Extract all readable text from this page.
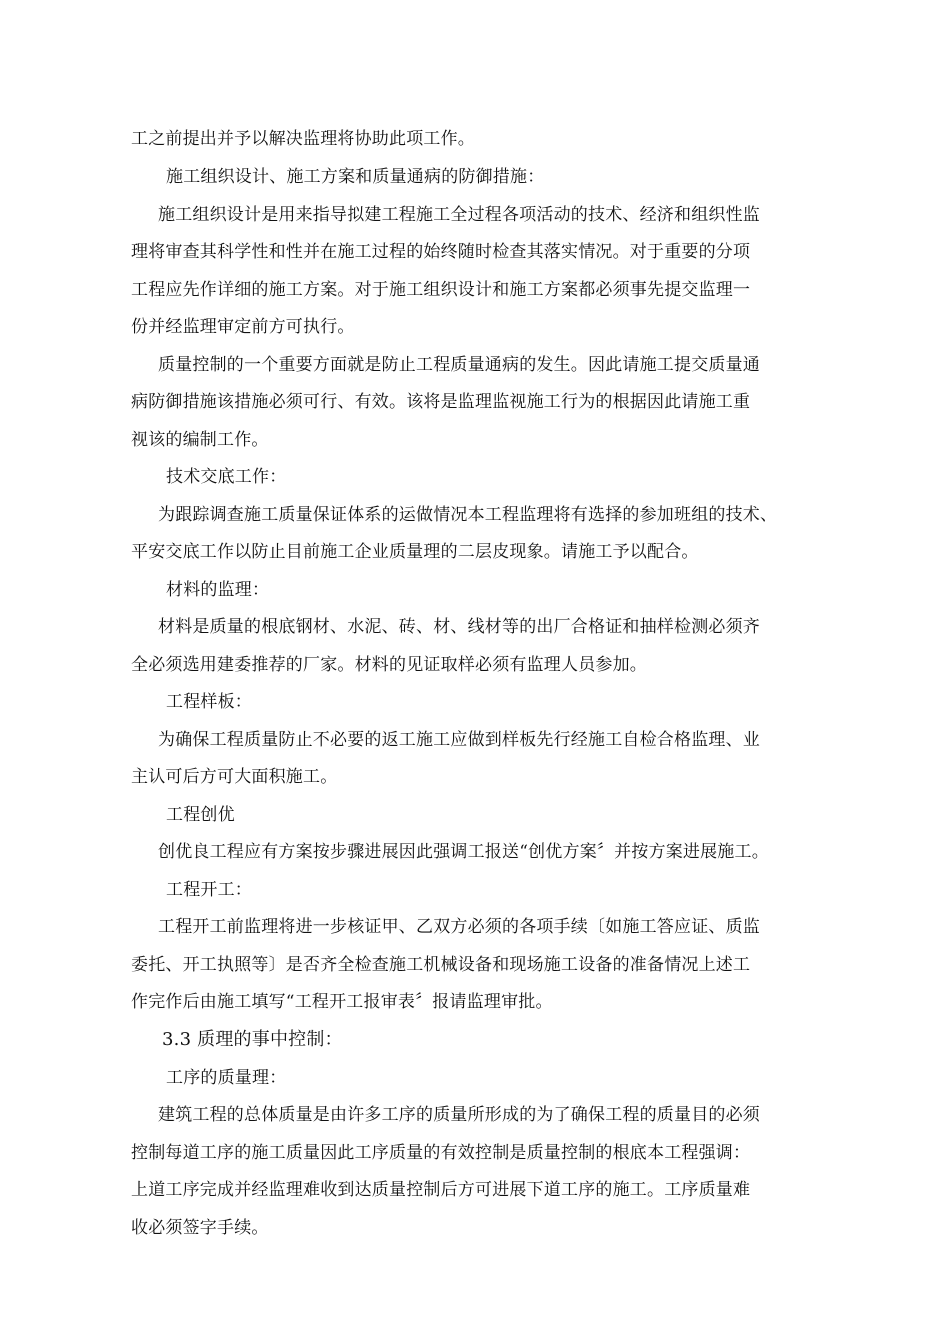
工之前提出并予以解决监理将协助此项工作。
施工组织设计、施工方案和质量通病的防御措施：
施工组织设计是用来指导拟建工程施工全过程各项活动的技术、经济和组织性监
理将审查其科学性和性并在施工过程的始终随时检查其落实情况。对于重要的分项
工程应先作详细的施工方案。对于施工组织设计和施工方案都必须事先提交监理一
份并经监理审定前方可执行。
质量控制的一个重要方面就是防止工程质量通病的发生。因此请施工提交质量通
病防御措施该措施必须可行、有效。该将是监理监视施工行为的根据因此请施工重
视该的编制工作。
技术交底工作：
为跟踪调查施工质量保证体系的运做情况本工程监理将有选择的参加班组的技术、
平安交底工作以防止目前施工企业质量理的二层皮现象。请施工予以配合。
材料的监理：
材料是质量的根底钢材、水泥、砖、材、线材等的出厂合格证和抽样检测必须齐
全必须选用建委推荐的厂家。材料的见证取样必须有监理人员参加。
工程样板：
为确保工程质量防止不必要的返工施工应做到样板先行经施工自检合格监理、业
主认可后方可大面积施工。
工程创优
创优良工程应有方案按步骤进展因此强调工报送“创优方案〞并按方案进展施工。
工程开工：
工程开工前监理将进一步核证甲、乙双方必须的各项手续〔如施工答应证、质监
委托、开工执照等〕是否齐全检查施工机械设备和现场施工设备的准备情况上述工
作完作后由施工填写“工程开工报审表〞报请监理审批。
3.3 质理的事中控制：
工序的质量理：
建筑工程的总体质量是由许多工序的质量所形成的为了确保工程的质量目的必须
控制每道工序的施工质量因此工序质量的有效控制是质量控制的根底本工程强调：
上道工序完成并经监理难收到达质量控制后方可进展下道工序的施工。工序质量难
收必须签字手续。
